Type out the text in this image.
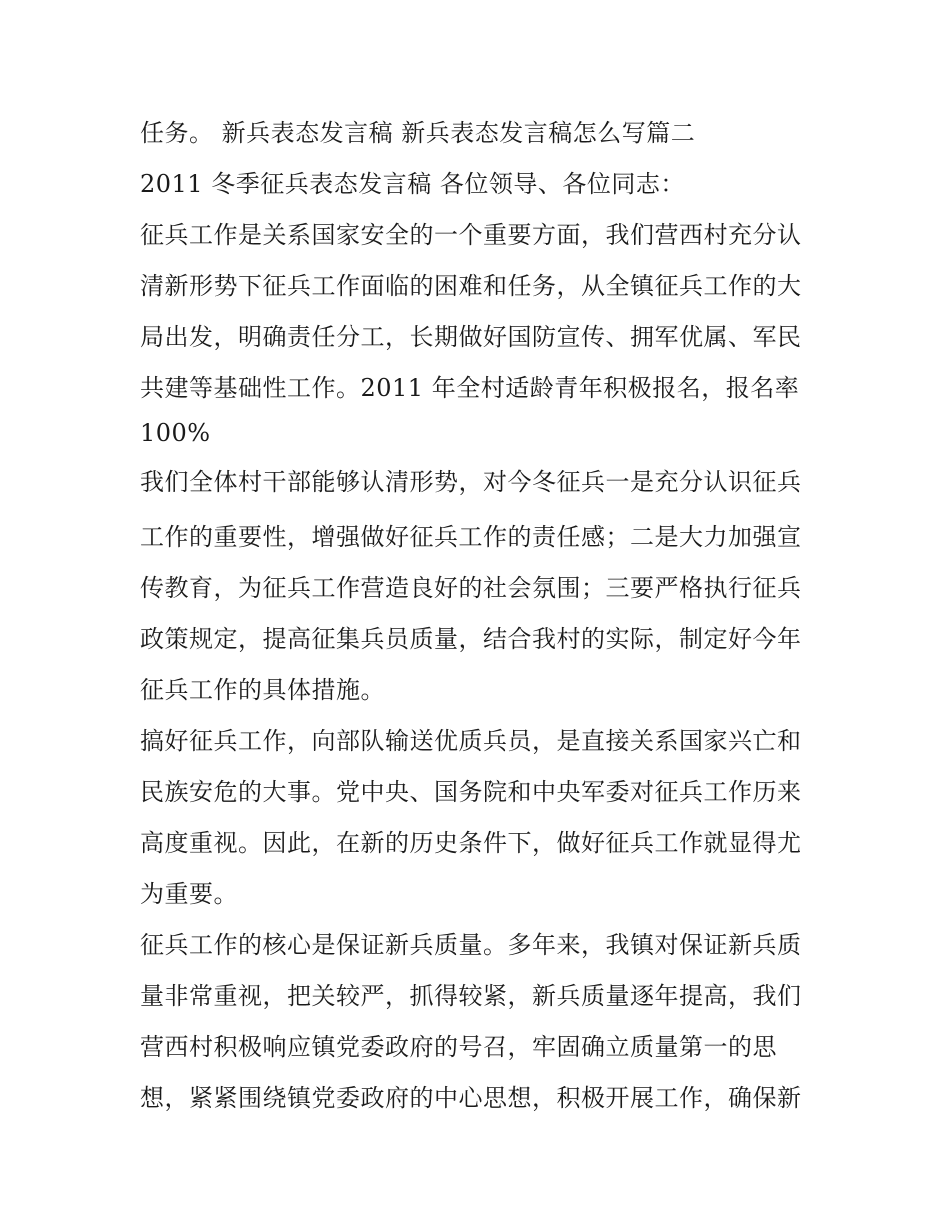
任务。 新兵表态发言稿 新兵表态发言稿怎么写篇二
2011 冬季征兵表态发言稿 各位领导、各位同志：
征兵工作是关系国家安全的一个重要方面，我们营西村充分认
清新形势下征兵工作面临的困难和任务，从全镇征兵工作的大
局出发，明确责任分工，长期做好国防宣传、拥军优属、军民
共建等基础性工作。2011 年全村适龄青年积极报名，报名率
100%
我们全体村干部能够认清形势，对今冬征兵一是充分认识征兵
工作的重要性，增强做好征兵工作的责任感；二是大力加强宣
传教育，为征兵工作营造良好的社会氛围；三要严格执行征兵
政策规定，提高征集兵员质量，结合我村的实际，制定好今年
征兵工作的具体措施。
搞好征兵工作，向部队输送优质兵员，是直接关系国家兴亡和
民族安危的大事。党中央、国务院和中央军委对征兵工作历来
高度重视。因此，在新的历史条件下，做好征兵工作就显得尤
为重要。
征兵工作的核心是保证新兵质量。多年来，我镇对保证新兵质
量非常重视，把关较严，抓得较紧，新兵质量逐年提高，我们
营西村积极响应镇党委政府的号召，牢固确立质量第一的思
想，紧紧围绕镇党委政府的中心思想，积极开展工作，确保新
